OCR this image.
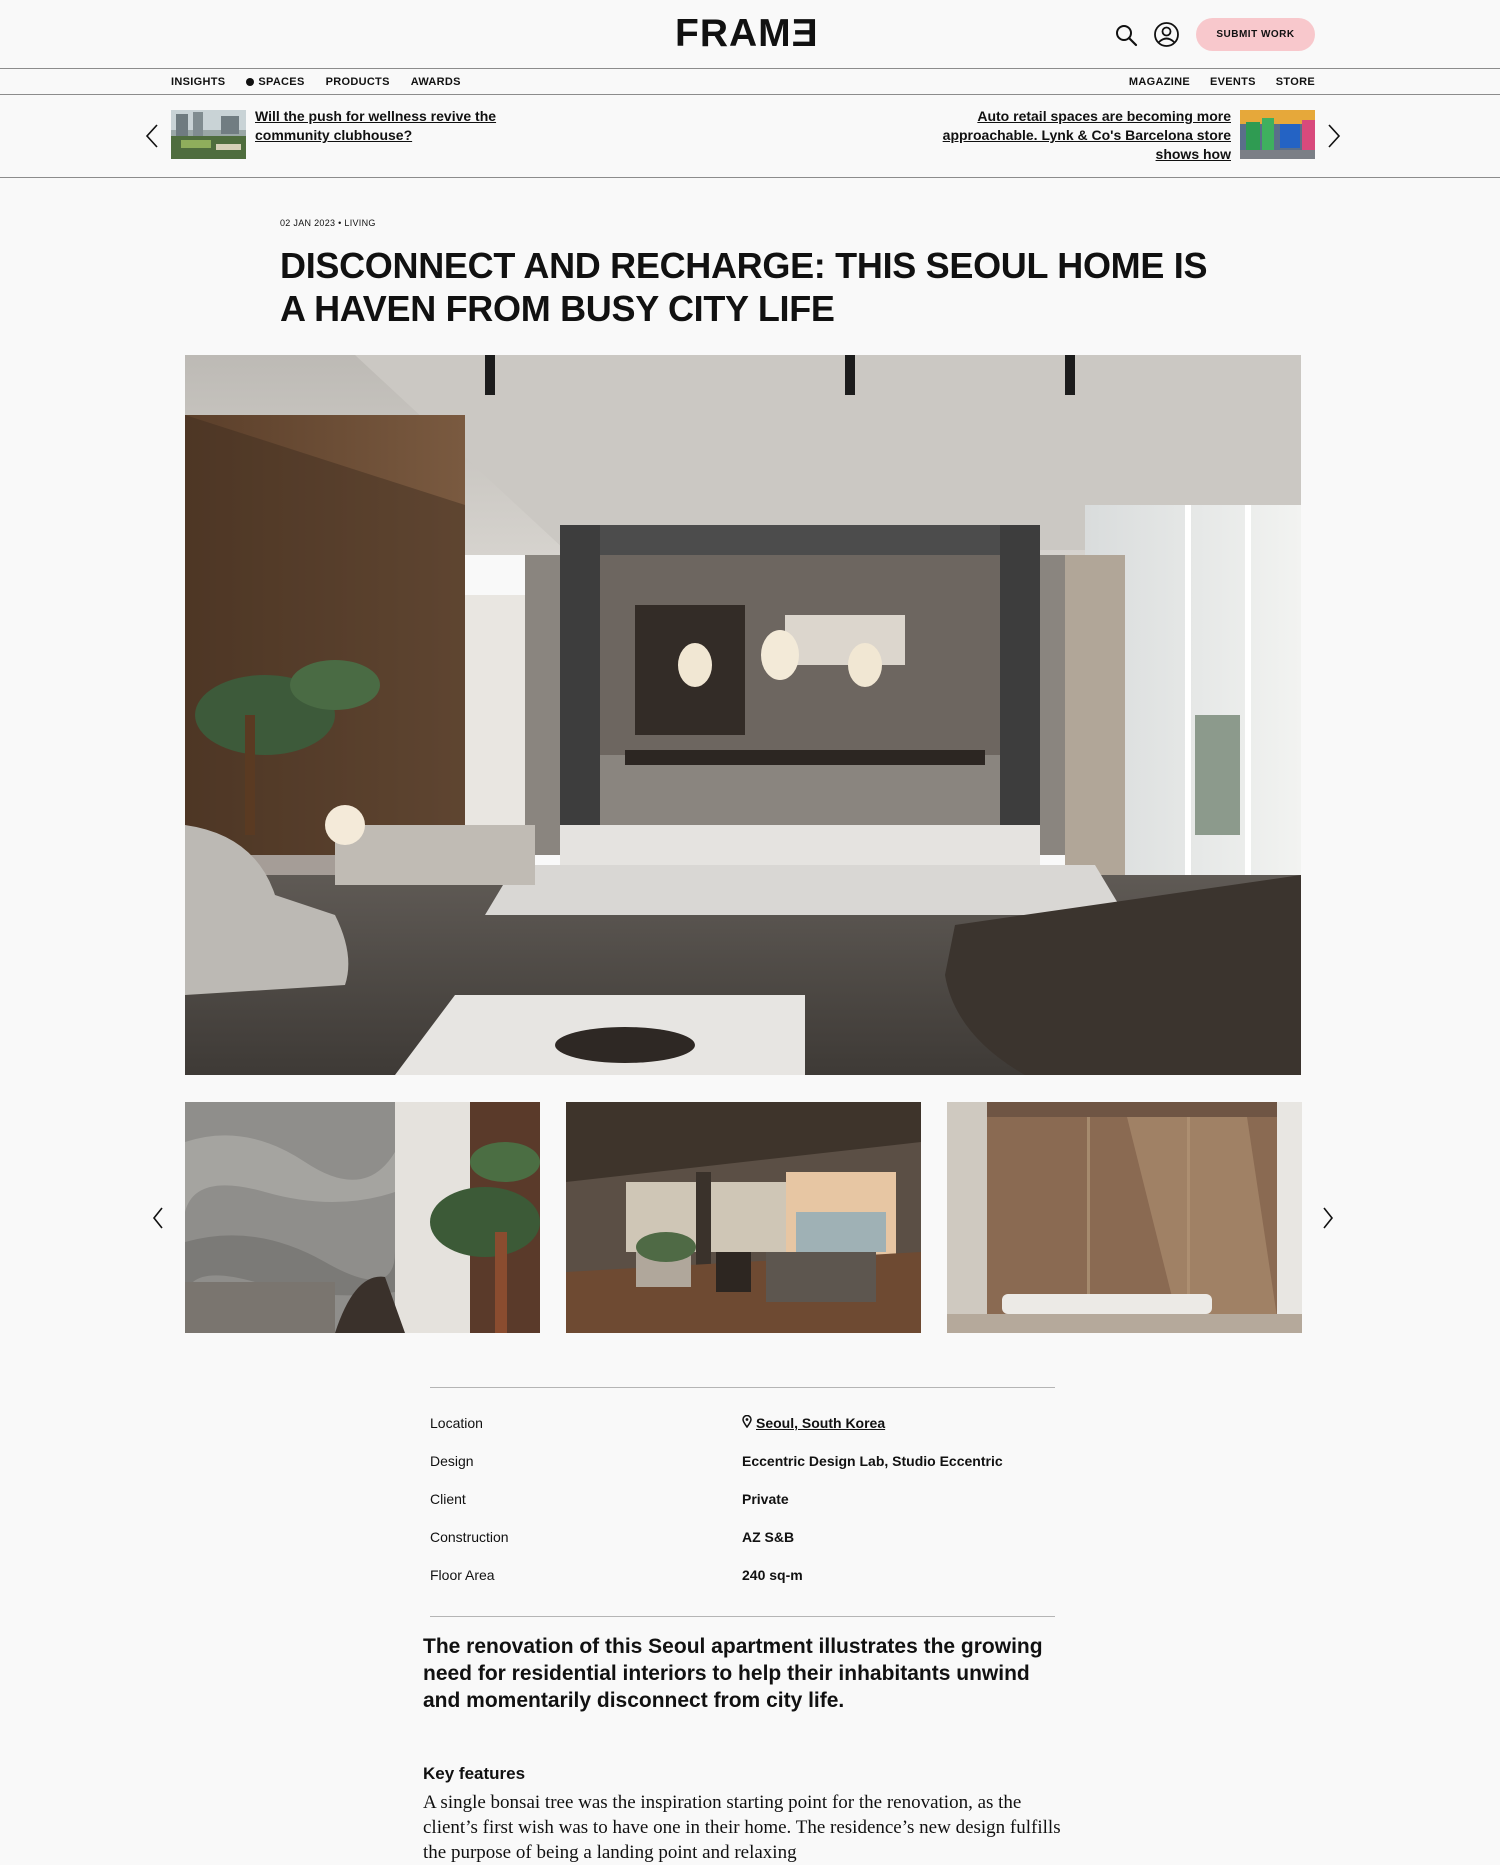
FRAMƎ	SUBMIT WORK
INSIGHTS	SPACES PRODUCTS AWARDS	MAGAZINE EVENTS STORE
Will the push for wellness revive the community clubhouse?
Auto retail spaces are becoming more approachable. Lynk & Co's Barcelona store shows how
02 JAN 2023 • LIVING
DISCONNECT AND RECHARGE: THIS SEOUL HOME IS A HAVEN FROM BUSY CITY LIFE
Location	Seoul, South Korea
Design	Eccentric Design Lab, Studio Eccentric
Client	Private
Construction	AZ S&B
Floor Area	240 sq-m

The renovation of this Seoul apartment illustrates the growing need for residential interiors to help their inhabitants unwind and momentarily disconnect from city life.

Key features

A single bonsai tree was the inspiration starting point for the renovation, as the client’s first wish was to have one in their home. The residence’s new design fulfills the purpose of being a landing point and relaxing
